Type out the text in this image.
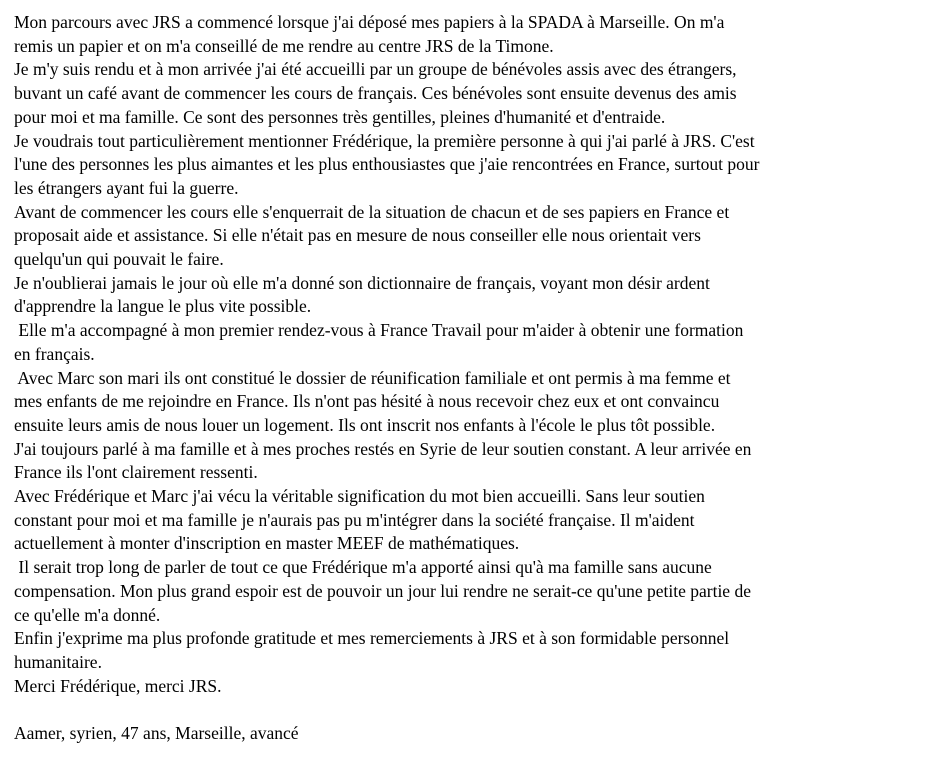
Mon parcours avec JRS a commencé lorsque j'ai déposé mes papiers à la SPADA à Marseille. On m'a
remis un papier et on m'a conseillé de me rendre au centre JRS de la Timone.
Je m'y suis rendu et à mon arrivée j'ai été accueilli par un groupe de bénévoles assis avec des étrangers,
buvant un café avant de commencer les cours de français. Ces bénévoles sont ensuite devenus des amis
pour moi et ma famille. Ce sont des personnes très gentilles, pleines d'humanité et d'entraide.
Je voudrais tout particulièrement mentionner Frédérique, la première personne à qui j'ai parlé à JRS. C'est
l'une des personnes les plus aimantes et les plus enthousiastes que j'aie rencontrées en France, surtout pour
les étrangers ayant fui la guerre.
Avant de commencer les cours elle s'enquerrait de la situation de chacun et de ses papiers en France et
proposait aide et assistance. Si elle n'était pas en mesure de nous conseiller elle nous orientait vers
quelqu'un qui pouvait le faire.
Je n'oublierai jamais le jour où elle m'a donné son dictionnaire de français, voyant mon désir ardent
d'apprendre la langue le plus vite possible.
Elle m'a accompagné à mon premier rendez-vous à France Travail pour m'aider à obtenir une formation
en français.
Avec Marc son mari ils ont constitué le dossier de réunification familiale et ont permis à ma femme et
mes enfants de me rejoindre en France. Ils n'ont pas hésité à nous recevoir chez eux et ont convaincu
ensuite leurs amis de nous louer un logement. Ils ont inscrit nos enfants à l'école le plus tôt possible.
J'ai toujours parlé à ma famille et à mes proches restés en Syrie de leur soutien constant. A leur arrivée en
France ils l'ont clairement ressenti.
Avec Frédérique et Marc j'ai vécu la véritable signification du mot bien accueilli. Sans leur soutien
constant pour moi et ma famille je n'aurais pas pu m'intégrer dans la société française. Il m'aident
actuellement à monter d'inscription en master MEEF de mathématiques.
Il serait trop long de parler de tout ce que Frédérique m'a apporté ainsi qu'à ma famille sans aucune
compensation. Mon plus grand espoir est de pouvoir un jour lui rendre ne serait-ce qu'une petite partie de
ce qu'elle m'a donné.
Enfin j'exprime ma plus profonde gratitude et mes remerciements à JRS et à son formidable personnel
humanitaire.
Merci Frédérique, merci JRS.
Aamer, syrien, 47 ans, Marseille, avancé
